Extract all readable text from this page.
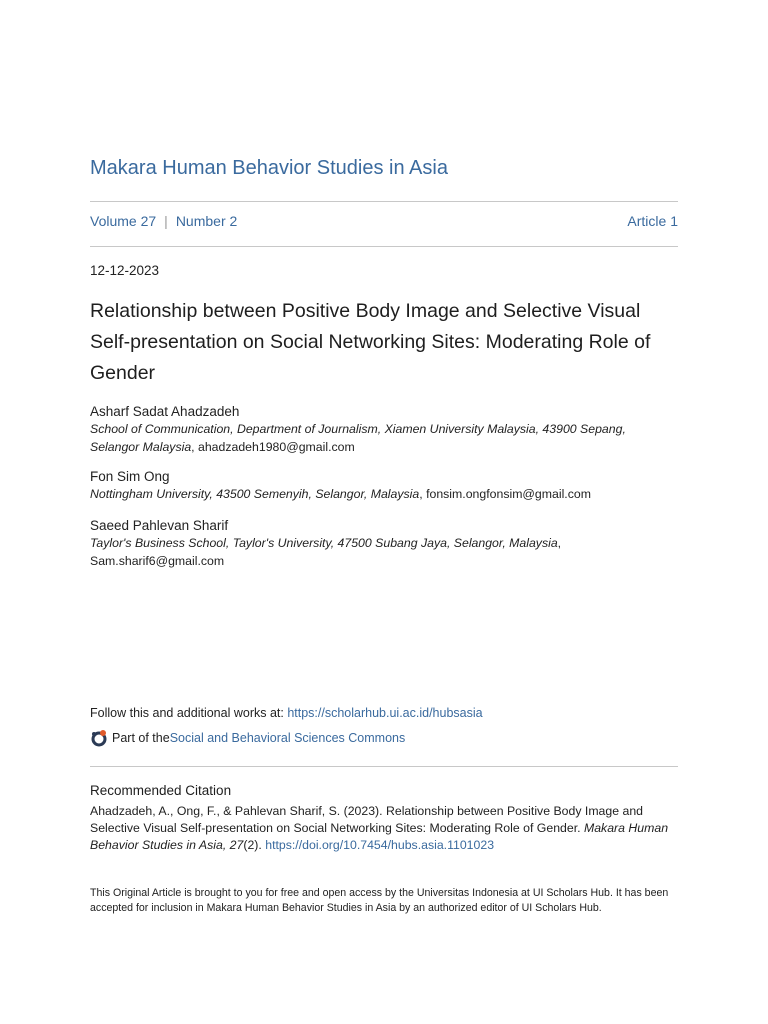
Makara Human Behavior Studies in Asia
Volume 27 | Number 2	Article 1
12-12-2023
Relationship between Positive Body Image and Selective Visual Self-presentation on Social Networking Sites: Moderating Role of Gender
Asharf Sadat Ahadzadeh
School of Communication, Department of Journalism, Xiamen University Malaysia, 43900 Sepang,
Selangor Malaysia, ahadzadeh1980@gmail.com
Fon Sim Ong
Nottingham University, 43500 Semenyih, Selangor, Malaysia, fonsim.ongfonsim@gmail.com
Saeed Pahlevan Sharif
Taylor's Business School, Taylor's University, 47500 Subang Jaya, Selangor, Malaysia,
Sam.sharif6@gmail.com
Follow this and additional works at: https://scholarhub.ui.ac.id/hubsasia
Part of the Social and Behavioral Sciences Commons
Recommended Citation
Ahadzadeh, A., Ong, F., & Pahlevan Sharif, S. (2023). Relationship between Positive Body Image and
Selective Visual Self-presentation on Social Networking Sites: Moderating Role of Gender. Makara Human Behavior Studies in Asia, 27(2). https://doi.org/10.7454/hubs.asia.1101023
This Original Article is brought to you for free and open access by the Universitas Indonesia at UI Scholars Hub. It has been accepted for inclusion in Makara Human Behavior Studies in Asia by an authorized editor of UI Scholars Hub.
